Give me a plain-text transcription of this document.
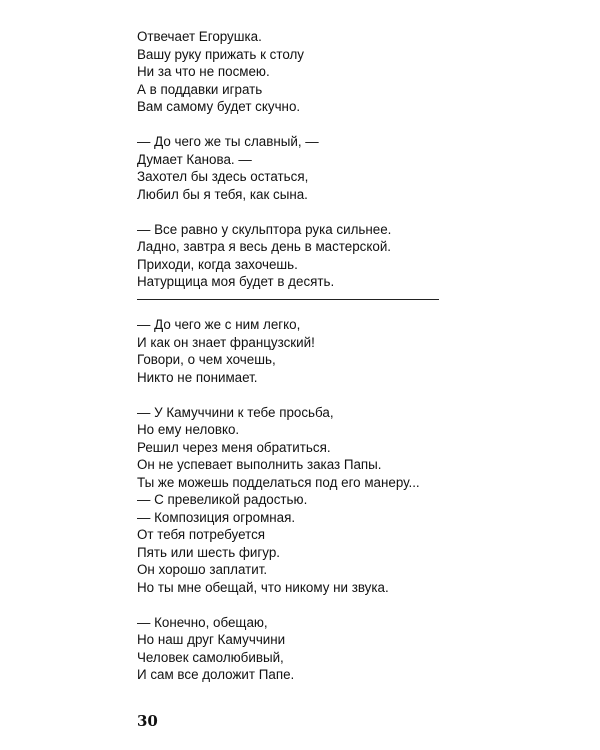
Отвечает Егорушка.
Вашу руку прижать к столу
Ни за что не посмею.
А в поддавки играть
Вам самому будет скучно.
— До чего же ты славный, —
Думает Канова. —
Захотел бы здесь остаться,
Любил бы я тебя, как сына.
— Все равно у скульптора рука сильнее.
Ладно, завтра я весь день в мастерской.
Приходи, когда захочешь.
Натурщица моя будет в десять.
— До чего же с ним легко,
И как он знает французский!
Говори, о чем хочешь,
Никто не понимает.
— У Камуччини к тебе просьба,
Но ему неловко.
Решил через меня обратиться.
Он не успевает выполнить заказ Папы.
Ты же можешь подделаться под его манеру...
— С превеликой радостью.
— Композиция огромная.
От тебя потребуется
Пять или шесть фигур.
Он хорошо заплатит.
Но ты мне обещай, что никому ни звука.
— Конечно, обещаю,
Но наш друг Камуччини
Человек самолюбивый,
И сам все доложит Папе.
30
